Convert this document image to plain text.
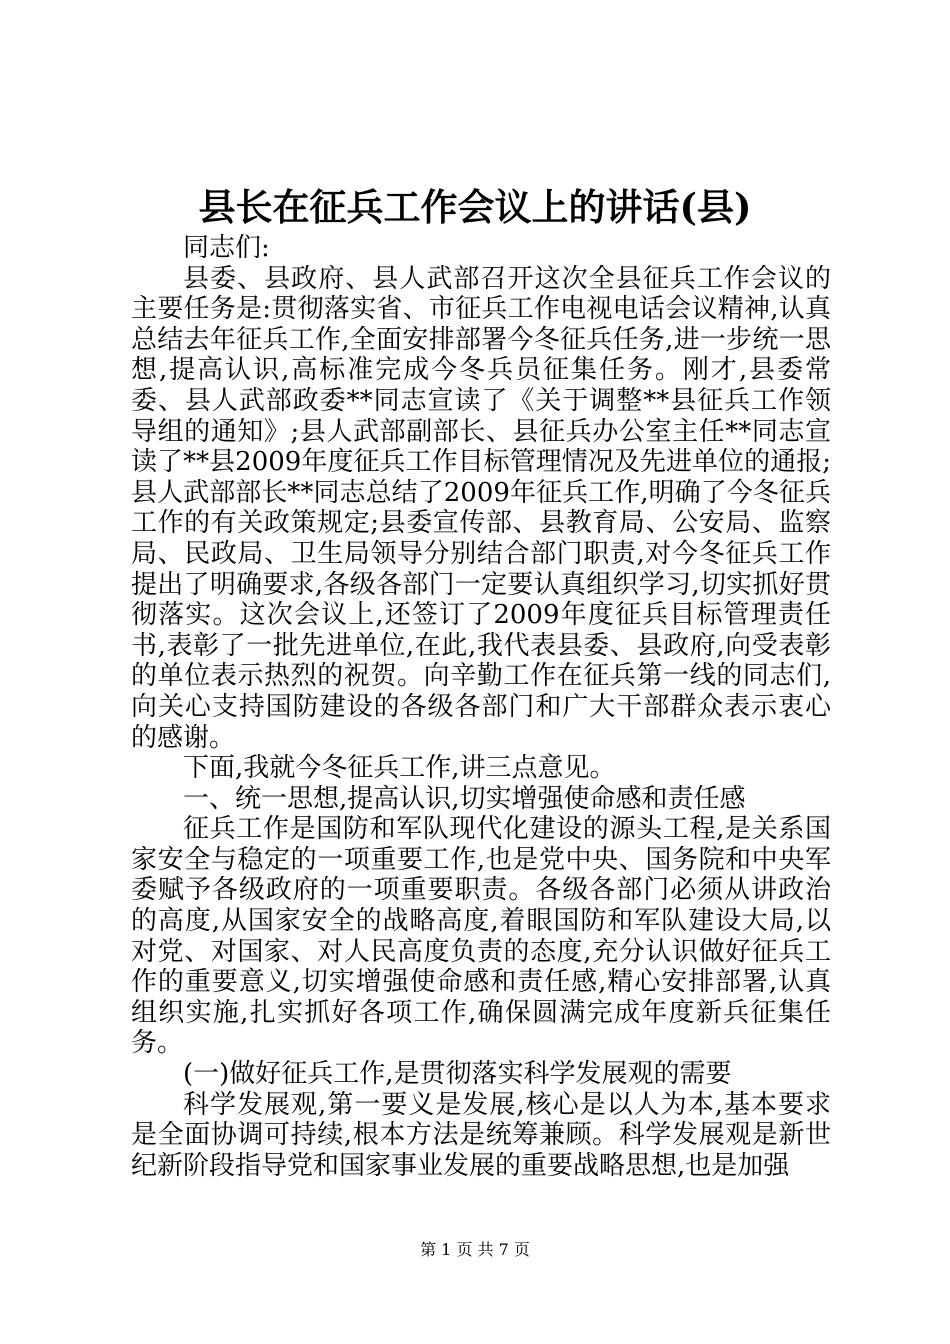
县长在征兵工作会议上的讲话(县)

同志们:

县委、县政府、县人武部召开这次全县征兵工作会议的主要任务是:贯彻落实省、市征兵工作电视电话会议精神,认真总结去年征兵工作,全面安排部署今冬征兵任务,进一步统一思想,提高认识,高标准完成今冬兵员征集任务。刚才,县委常委、县人武部政委**同志宣读了《关于调整**县征兵工作领导组的通知》;县人武部副部长、县征兵办公室主任**同志宣读了**县2009年度征兵工作目标管理情况及先进单位的通报;县人武部部长**同志总结了2009年征兵工作,明确了今冬征兵工作的有关政策规定;县委宣传部、县教育局、公安局、监察局、民政局、卫生局领导分别结合部门职责,对今冬征兵工作提出了明确要求,各级各部门一定要认真组织学习,切实抓好贯彻落实。这次会议上,还签订了2009年度征兵目标管理责任书,表彰了一批先进单位,在此,我代表县委、县政府,向受表彰的单位表示热烈的祝贺。向辛勤工作在征兵第一线的同志们,向关心支持国防建设的各级各部门和广大干部群众表示衷心的感谢。

下面,我就今冬征兵工作,讲三点意见。

一、统一思想,提高认识,切实增强使命感和责任感

征兵工作是国防和军队现代化建设的源头工程,是关系国家安全与稳定的一项重要工作,也是党中央、国务院和中央军委赋予各级政府的一项重要职责。各级各部门必须从讲政治的高度,从国家安全的战略高度,着眼国防和军队建设大局,以对党、对国家、对人民高度负责的态度,充分认识做好征兵工作的重要意义,切实增强使命感和责任感,精心安排部署,认真组织实施,扎实抓好各项工作,确保圆满完成年度新兵征集任务。

(一)做好征兵工作,是贯彻落实科学发展观的需要

科学发展观,第一要义是发展,核心是以人为本,基本要求是全面协调可持续,根本方法是统筹兼顾。科学发展观是新世纪新阶段指导党和国家事业发展的重要战略思想,也是加强

第 1 页 共 7 页
